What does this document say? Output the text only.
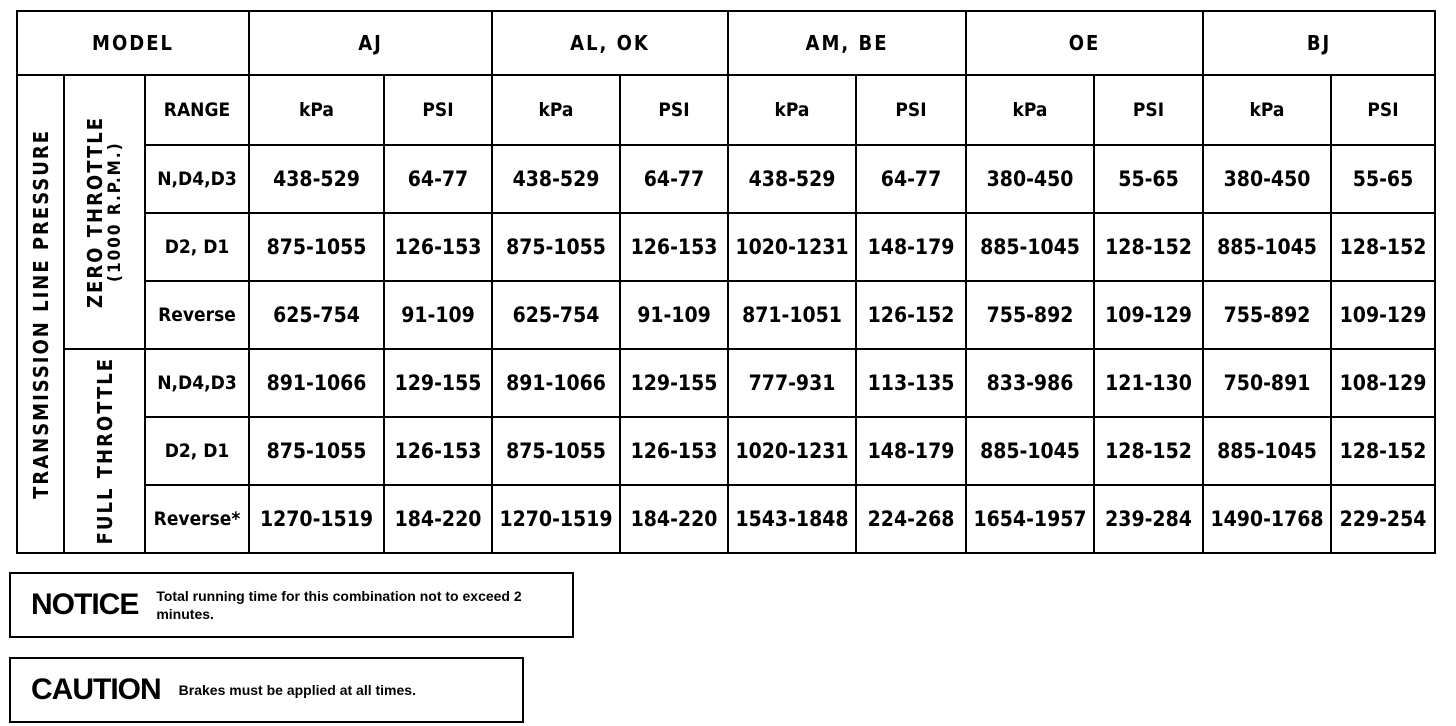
MODEL			AJ		AL, OK		AM, BE		OE		BJ	

TRANSMISSION LINE PRESSURE	ZERO THROTTLE
(1000 R.P.M.)	RANGE	kPa	PSI	kPa	PSI	kPa	PSI	kPa	PSI	kPa	PSI
		N,D4,D3	438-529	64-77	438-529	64-77	438-529	64-77	380-450	55-65	380-450	55-65
		D2, D1	875-1055	126-153	875-1055	126-153	1020-1231	148-179	885-1045	128-152	885-1045	128-152
		Reverse	625-754	91-109	625-754	91-109	871-1051	126-152	755-892	109-129	755-892	109-129

	FULL THROTTLE	N,D4,D3	891-1066	129-155	891-1066	129-155	777-931	113-135	833-986	121-130	750-891	108-129
		D2, D1	875-1055	126-153	875-1055	126-153	1020-1231	148-179	885-1045	128-152	885-1045	128-152
		Reverse*	1270-1519	184-220	1270-1519	184-220	1543-1848	224-268	1654-1957	239-284	1490-1768	229-254
NOTICE Total running time for this combination not to exceed 2 minutes.
CAUTION Brakes must be applied at all times.
